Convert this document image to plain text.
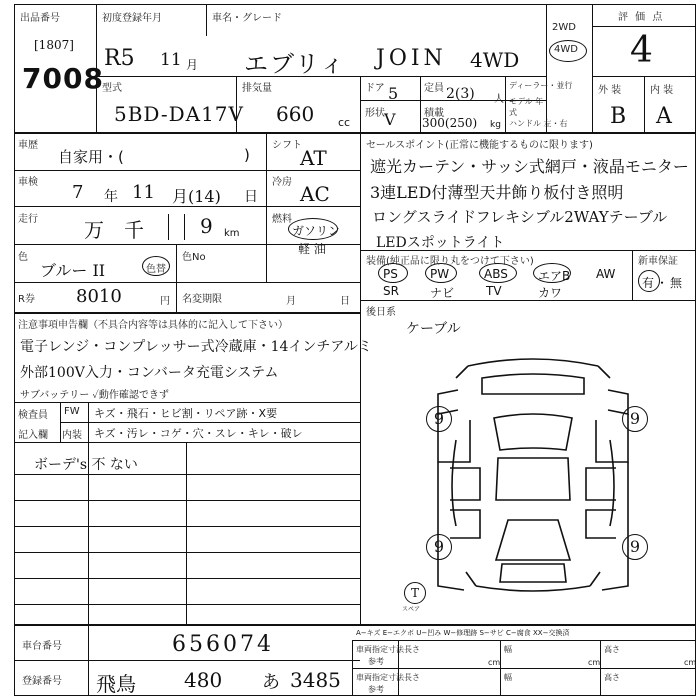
出品番号
[1807]
7008
初度登録年月
R5 11 月
車名・グレード
エブリィ JOIN 4WD
2WD
4WD
評 価 点
4
外 装	内 装
B A
型式
5BD-DA17V
排気量
660 cc
ドア 5
形状 V
定員 2(3) 人
積載
300(250) kg
ディーラー・並行
モデル 年式
ハンドル 左・右
車歴
自家用・(	)
シフト
AT
車検 7 年 11 月(14) 日
冷房 AC
走行 万 千	9 km
燃料
ガソリン
軽 油
色
ブルー II	色替
色No
R券 8010	円 名変期限	月	日
セールスポイント(正常に機能するものに限ります)
遮光カーテン・サッシ式網戸・液晶モニター
3連LED付薄型天井飾り板付き照明
ロングスライドフレキシブル2WAYテーブル
LEDスポットライト
装備(純正品に限り丸をつけて下さい)	新車保証
PS	PW	ABS	エアB AW
SR	ナビ	TV	カワ
有 ・ 無
後日系
ケーブル
注意事項申告欄（不具合内容等は具体的に記入して下さい）
電子レンジ・コンプレッサー式冷蔵庫・14インチアルミ
外部100V入力・コンバータ充電システム
サブバッテリー ✓動作確認できず
検査員
記入欄
FW キズ・飛石・ヒビ割・リペア跡・X要
内装 キズ・汚レ・コゲ・穴・スレ・キレ・破レ
ボーデ's 不 ない
9	9
9	9
T
スペア
車台番号	656074
登録番号 飛鳥 480 あ 3485
A−キズ E−エクボ U−凹み W−修理跡 S−サビ C−腐食 XX−交換済
車両指定寸法
参考
長さ	幅	高さ
cm	cm	cm
車両指定寸法
参考
長さ	幅	高さ
